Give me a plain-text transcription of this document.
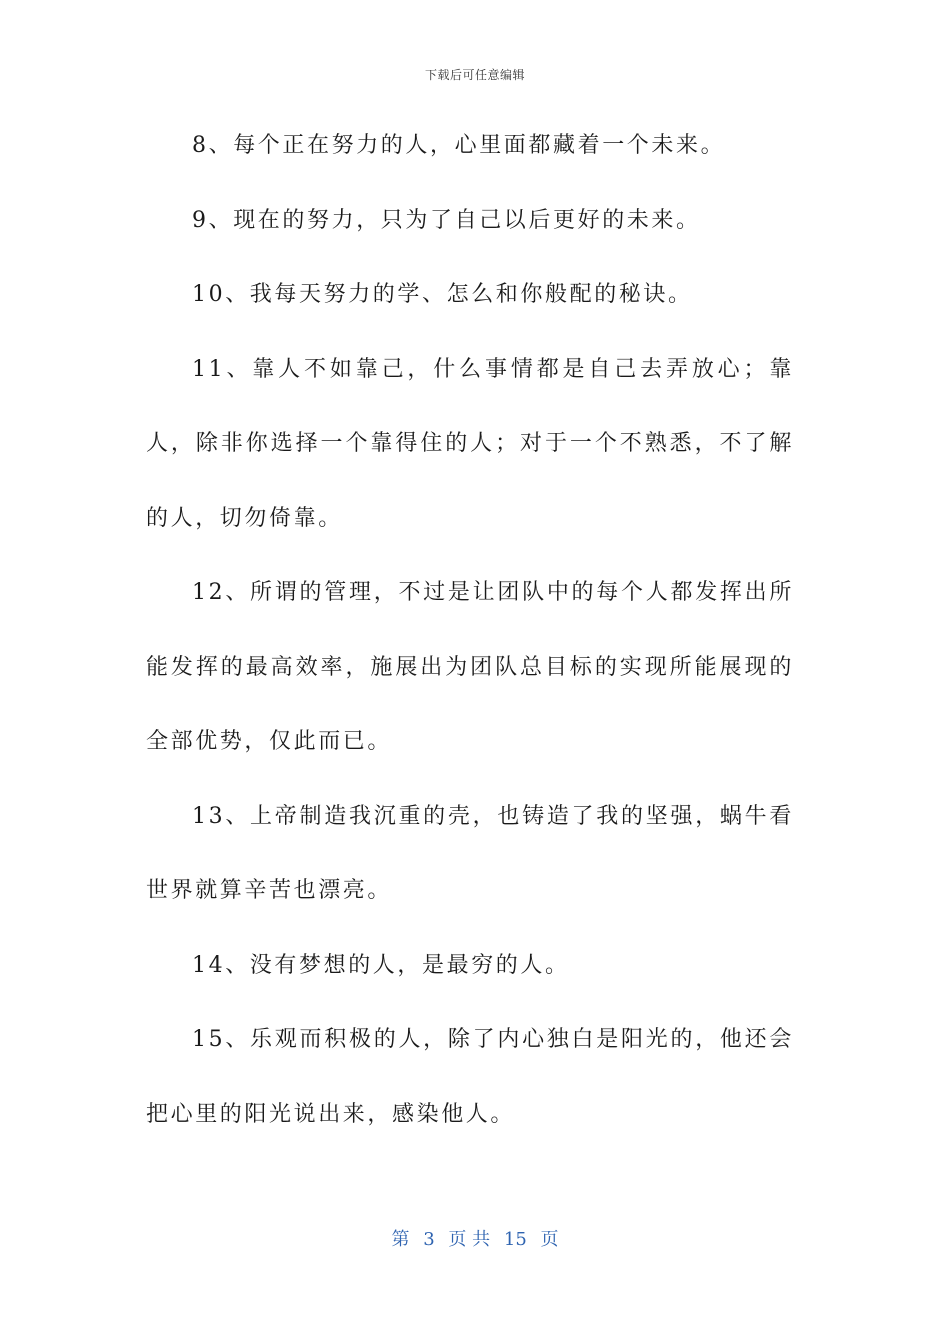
下载后可任意编辑

8、每个正在努力的人，心里面都藏着一个未来。

9、现在的努力，只为了自己以后更好的未来。

10、我每天努力的学、怎么和你般配的秘诀。

11、靠人不如靠己，什么事情都是自己去弄放心；靠人，除非你选择一个靠得住的人；对于一个不熟悉，不了解的人，切勿倚靠。

12、所谓的管理，不过是让团队中的每个人都发挥出所能发挥的最高效率，施展出为团队总目标的实现所能展现的全部优势，仅此而已。

13、上帝制造我沉重的壳，也铸造了我的坚强，蜗牛看世界就算辛苦也漂亮。

14、没有梦想的人，是最穷的人。

15、乐观而积极的人，除了内心独白是阳光的，他还会把心里的阳光说出来，感染他人。

第 3 页 共 15 页
